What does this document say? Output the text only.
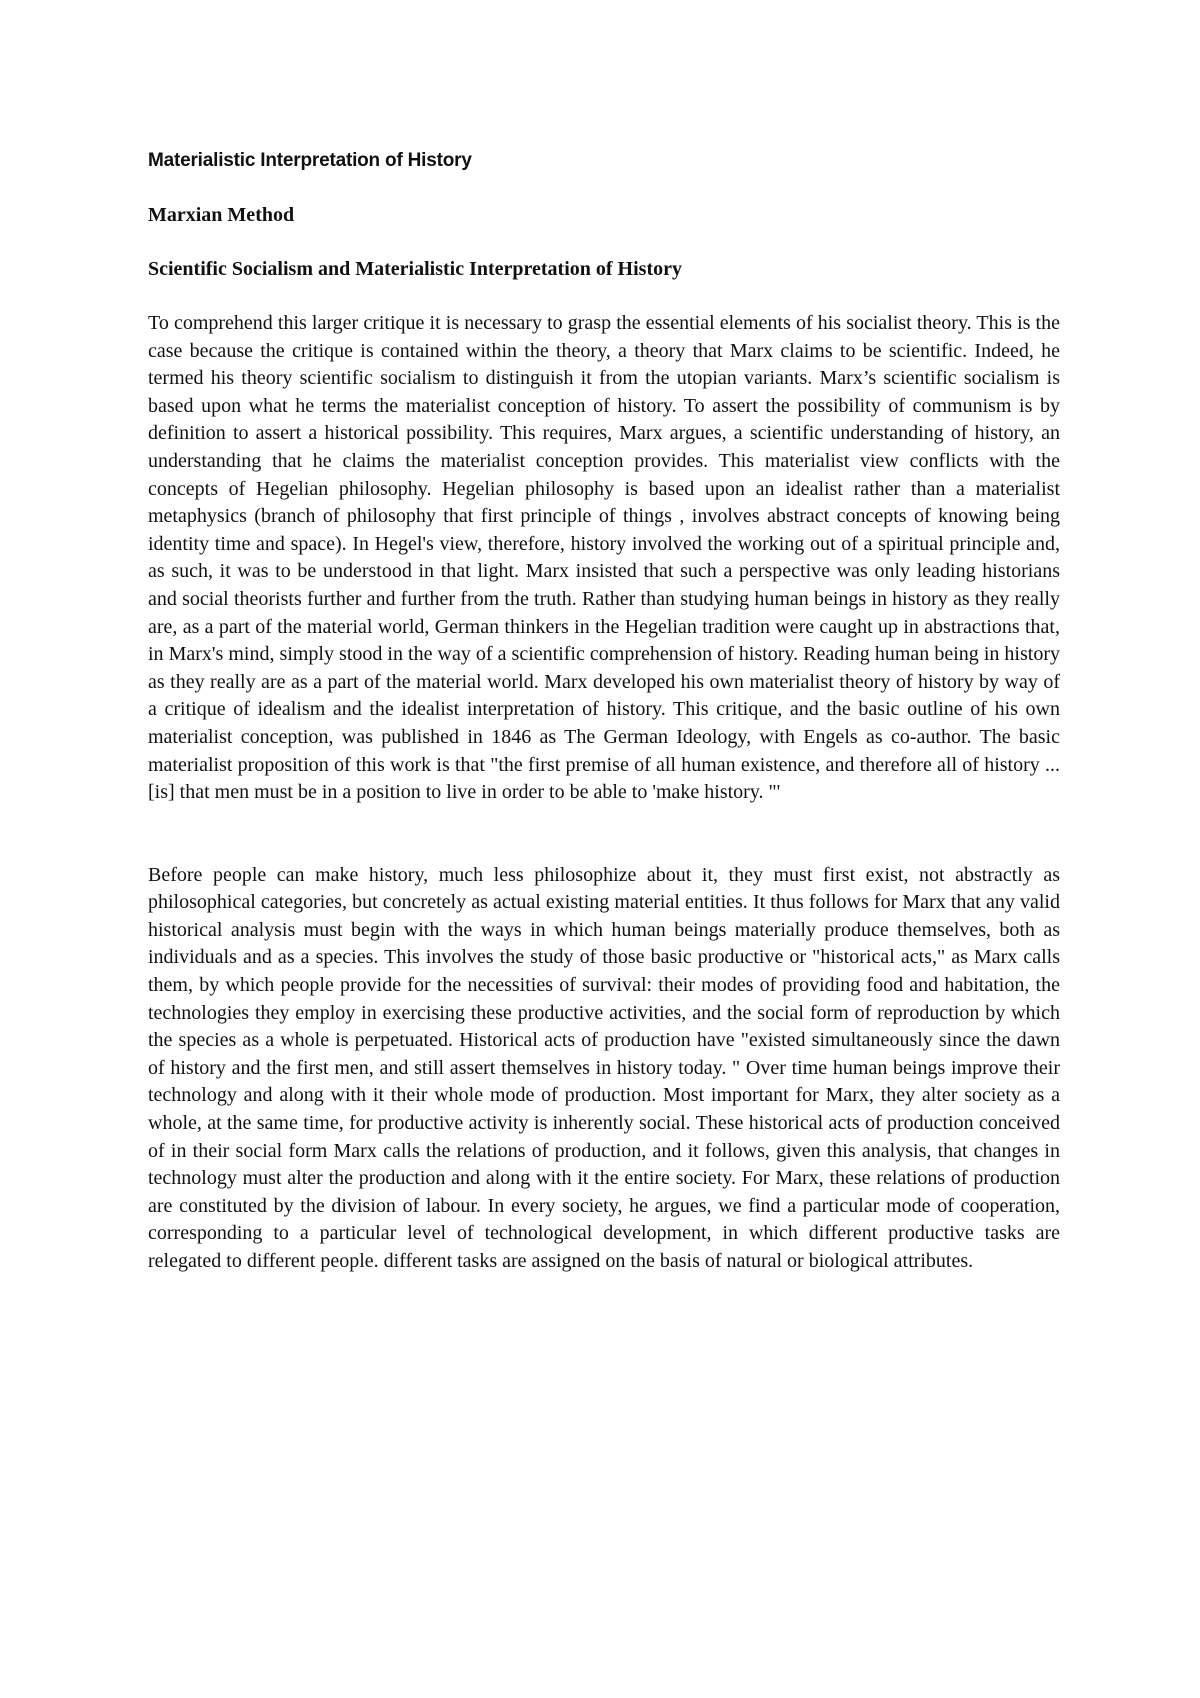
Materialistic Interpretation of History
Marxian Method
Scientific Socialism and Materialistic Interpretation of History

To comprehend this larger critique it is necessary to grasp the essential elements of his socialist theory. This is the case because the critique is contained within the theory, a theory that Marx claims to be scientific. Indeed, he termed his theory scientific socialism to distinguish it from the utopian variants. Marx’s scientific socialism is based upon what he terms the materialist conception of history. To assert the possibility of communism is by definition to assert a historical possibility. This requires, Marx argues, a scientific understanding of history, an understanding that he claims the materialist conception provides. This materialist view conflicts with the concepts of Hegelian philosophy. Hegelian philosophy is based upon an idealist rather than a materialist metaphysics (branch of philosophy that first principle of things , involves abstract concepts of knowing being identity time and space). In Hegel's view, therefore, history involved the working out of a spiritual principle and, as such, it was to be understood in that light. Marx insisted that such a perspective was only leading historians and social theorists further and further from the truth. Rather than studying human beings in history as they really are, as a part of the material world, German thinkers in the Hegelian tradition were caught up in abstractions that, in Marx's mind, simply stood in the way of a scientific comprehension of history. Reading human being in history as they really are as a part of the material world. Marx developed his own materialist theory of history by way of a critique of idealism and the idealist interpretation of history. This critique, and the basic outline of his own materialist conception, was published in 1846 as The German Ideology, with Engels as co-author. The basic materialist proposition of this work is that "the first premise of all human existence, and therefore all of history ... [is] that men must be in a position to live in order to be able to 'make history. "'

Before people can make history, much less philosophize about it, they must first exist, not abstractly as philosophical categories, but concretely as actual existing material entities. It thus follows for Marx that any valid historical analysis must begin with the ways in which human beings materially produce themselves, both as individuals and as a species. This involves the study of those basic productive or "historical acts," as Marx calls them, by which people provide for the necessities of survival: their modes of providing food and habitation, the technologies they employ in exercising these productive activities, and the social form of reproduction by which the species as a whole is perpetuated. Historical acts of production have "existed simultaneously since the dawn of history and the first men, and still assert themselves in history today. " Over time human beings improve their technology and along with it their whole mode of production. Most important for Marx, they alter society as a whole, at the same time, for productive activity is inherently social. These historical acts of production conceived of in their social form Marx calls the relations of production, and it follows, given this analysis, that changes in technology must alter the production and along with it the entire society. For Marx, these relations of production are constituted by the division of labour. In every society, he argues, we find a particular mode of cooperation, corresponding to a particular level of technological development, in which different productive tasks are relegated to different people. different tasks are assigned on the basis of natural or biological attributes.
